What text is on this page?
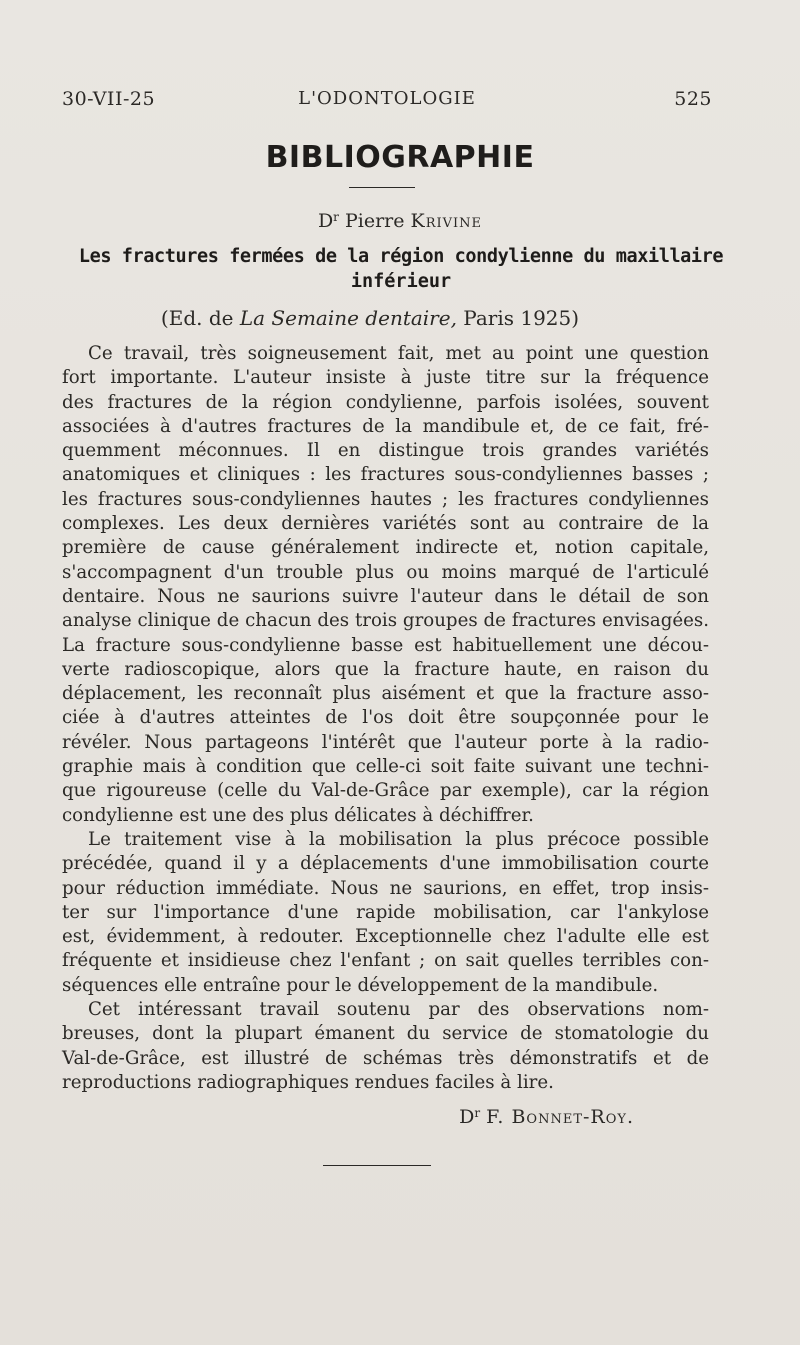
30-VII-25	L'ODONTOLOGIE	525
BIBLIOGRAPHIE
$D^r$ Pierre Krivine
Les fractures fermées de la région condylienne du maxillaire
inférieur
(Ed. de La Semaine dentaire, Paris 1925)

Ce travail, très soigneusement fait, met au point une question
fort importante. L'auteur insiste à juste titre sur la fréquence
des fractures de la région condylienne, parfois isolées, souvent
associées à d'autres fractures de la mandibule et, de ce fait, fré-
quemment méconnues. Il en distingue trois grandes variétés
anatomiques et cliniques : les fractures sous-condyliennes basses ;
les fractures sous-condyliennes hautes ; les fractures condyliennes
complexes. Les deux dernières variétés sont au contraire de la
première de cause généralement indirecte et, notion capitale,
s'accompagnent d'un trouble plus ou moins marqué de l'articulé
dentaire. Nous ne saurions suivre l'auteur dans le détail de son
analyse clinique de chacun des trois groupes de fractures envisagées.
La fracture sous-condylienne basse est habituellement une décou-
verte radioscopique, alors que la fracture haute, en raison du
déplacement, les reconnaît plus aisément et que la fracture asso-
ciée à d'autres atteintes de l'os doit être soupçonnée pour le
révéler. Nous partageons l'intérêt que l'auteur porte à la radio-
graphie mais à condition que celle-ci soit faite suivant une techni-
que rigoureuse (celle du Val-de-Grâce par exemple), car la région
condylienne est une des plus délicates à déchiffrer.

Le traitement vise à la mobilisation la plus précoce possible
précédée, quand il y a déplacements d'une immobilisation courte
pour réduction immédiate. Nous ne saurions, en effet, trop insis-
ter sur l'importance d'une rapide mobilisation, car l'ankylose
est, évidemment, à redouter. Exceptionnelle chez l'adulte elle est
fréquente et insidieuse chez l'enfant ; on sait quelles terribles con-
séquences elle entraîne pour le développement de la mandibule.

Cet intéressant travail soutenu par des observations nom-
breuses, dont la plupart émanent du service de stomatologie du
Val-de-Grâce, est illustré de schémas très démonstratifs et de
reproductions radiographiques rendues faciles à lire.

$D^r$ F. Bonnet-Roy.
